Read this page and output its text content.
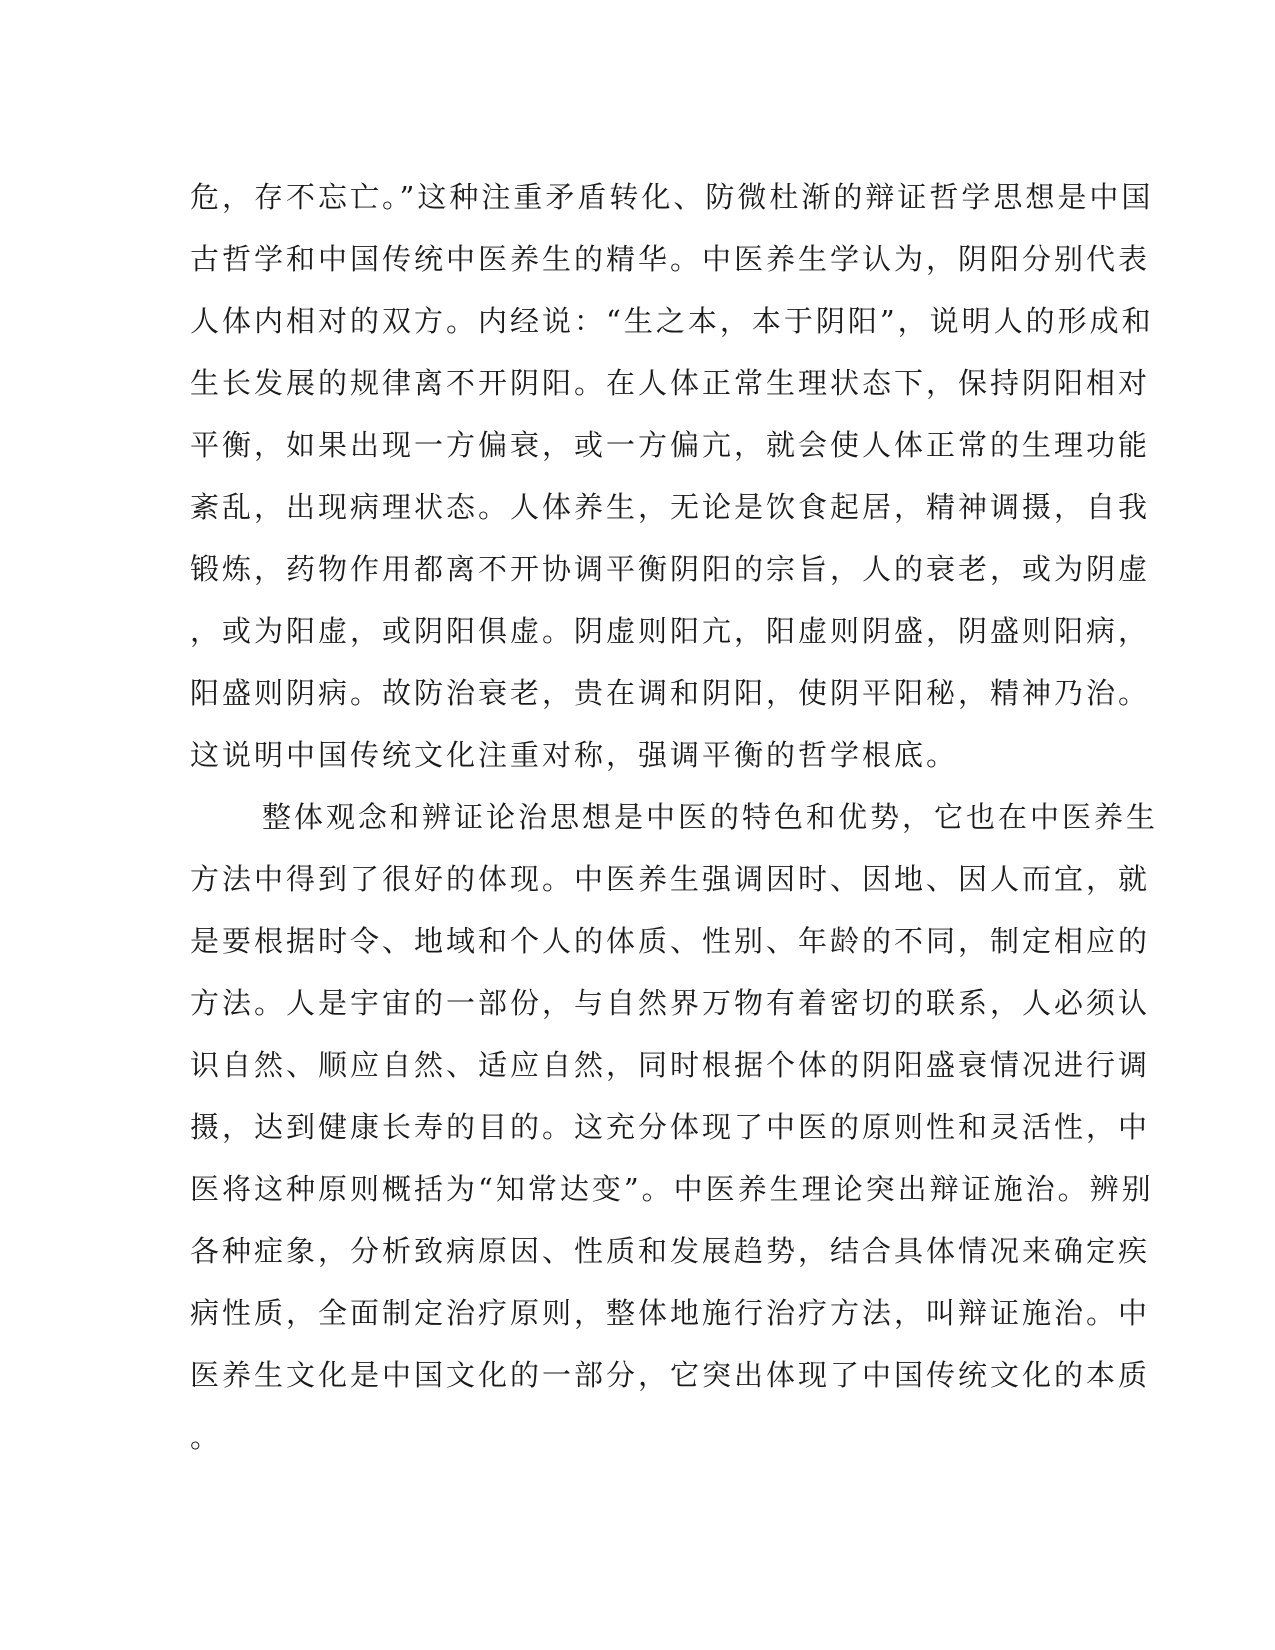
危，存不忘亡。”这种注重矛盾转化、防微杜渐的辩证哲学思想是中国
古哲学和中国传统中医养生的精华。中医养生学认为，阴阳分别代表
人体内相对的双方。内经说：“生之本，本于阴阳”，说明人的形成和
生长发展的规律离不开阴阳。在人体正常生理状态下，保持阴阳相对
平衡，如果出现一方偏衰，或一方偏亢，就会使人体正常的生理功能
紊乱，出现病理状态。人体养生，无论是饮食起居，精神调摄，自我
锻炼，药物作用都离不开协调平衡阴阳的宗旨，人的衰老，或为阴虚
，或为阳虚，或阴阳俱虚。阴虚则阳亢，阳虚则阴盛，阴盛则阳病，
阳盛则阴病。故防治衰老，贵在调和阴阳，使阴平阳秘，精神乃治。
这说明中国传统文化注重对称，强调平衡的哲学根底。
整体观念和辨证论治思想是中医的特色和优势，它也在中医养生
方法中得到了很好的体现。中医养生强调因时、因地、因人而宜，就
是要根据时令、地域和个人的体质、性别、年龄的不同，制定相应的
方法。人是宇宙的一部份，与自然界万物有着密切的联系，人必须认
识自然、顺应自然、适应自然，同时根据个体的阴阳盛衰情况进行调
摄，达到健康长寿的目的。这充分体现了中医的原则性和灵活性，中
医将这种原则概括为“知常达变”。中医养生理论突出辩证施治。辨别
各种症象，分析致病原因、性质和发展趋势，结合具体情况来确定疾
病性质，全面制定治疗原则，整体地施行治疗方法，叫辩证施治。中
医养生文化是中国文化的一部分，它突出体现了中国传统文化的本质
。
